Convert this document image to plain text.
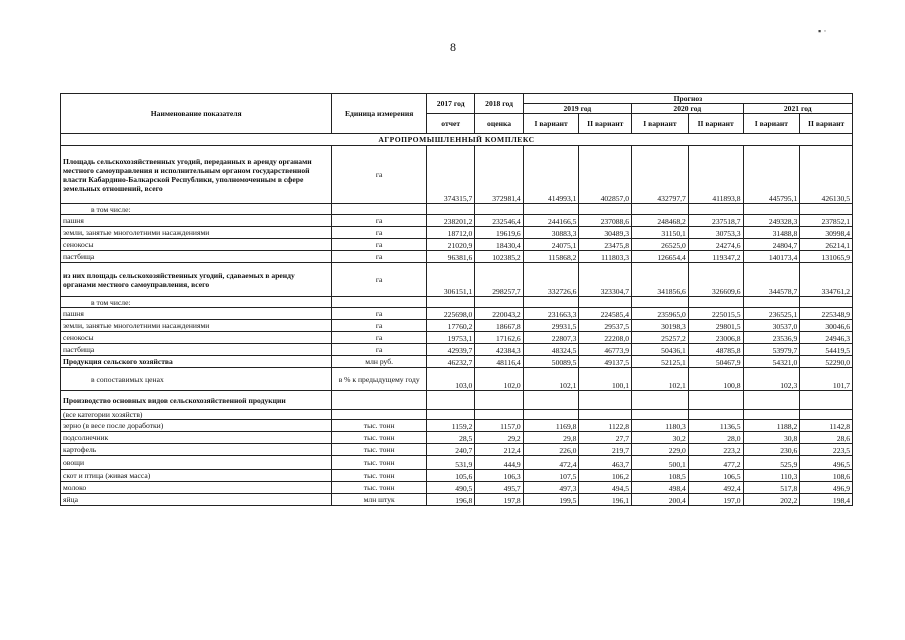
8
▪ ·
Наименование показателя	Единица измерения	2017 год	2018 год	Прогноз					
				2019 год		2020 год		2021 год	
		отчет	оценка	I вариант	II вариант	I вариант	II вариант	I вариант	II вариант
АГРОПРОМЫШЛЕННЫЙ КОМПЛЕКС									
Площадь сельскохозяйственных угодий, переданных в аренду органами местного самоуправления и исполнительным органом государственной власти Кабардино-Балкарской Республики, уполномоченным в сфере земельных отношений, всего	га	374315,7	372981,4	414993,1	402857,0	432797,7	411893,8	445795,1	426130,5
в том числе:									
пашня	га	238201,2	232546,4	244166,5	237088,6	248468,2	237518,7	249328,3	237852,1
земли, занятые многолетними насаждениями	га	18712,0	19619,6	30883,3	30489,3	31150,1	30753,3	31488,8	30998,4
сенокосы	га	21020,9	18430,4	24075,1	23475,8	26525,0	24274,6	24804,7	26214,1
пастбища	га	96381,6	102385,2	115868,2	111803,3	126654,4	119347,2	140173,4	131065,9
из них площадь сельскохозяйственных угодий, сдаваемых в аренду органами местного самоуправления, всего	га	306151,1	298257,7	332726,6	323304,7	341856,6	326609,6	344578,7	334761,2
в том числе:									
пашня	га	225698,0	220043,2	231663,3	224585,4	235965,0	225015,5	236525,1	225348,9
земли, занятые многолетними насаждениями	га	17760,2	18667,8	29931,5	29537,5	30198,3	29801,5	30537,0	30046,6
сенокосы	га	19753,1	17162,6	22807,3	22208,0	25257,2	23006,8	23536,9	24946,3
пастбища	га	42939,7	42384,3	48324,5	46773,9	50436,1	48785,8	53979,7	54419,5
Продукция сельского хозяйства	млн руб.	46232,7	48116,4	50089,5	49137,5	52125,1	50467,9	54321,0	52290,0
в сопоставимых ценах	в % к предыдущему году	103,0	102,0	102,1	100,1	102,1	100,8	102,3	101,7
Производство основных видов сельскохозяйственной продукции									
(все категории хозяйств)									
зерно (в весе после доработки)	тыс. тонн	1159,2	1157,0	1169,8	1122,8	1180,3	1136,5	1188,2	1142,8
подсолнечник	тыс. тонн	28,5	29,2	29,8	27,7	30,2	28,0	30,8	28,6
картофель	тыс. тонн	240,7	212,4	226,0	219,7	229,0	223,2	230,6	223,5
овощи	тыс. тонн	531,9	444,9	472,4	463,7	500,1	477,2	525,9	496,5
скот и птица (живая масса)	тыс. тонн	105,6	106,3	107,5	106,2	108,5	106,5	110,3	108,6
молоко	тыс. тонн	490,5	495,7	497,3	494,5	498,4	492,4	517,8	496,9
яйца	млн штук	196,8	197,8	199,5	196,1	200,4	197,0	202,2	198,4
